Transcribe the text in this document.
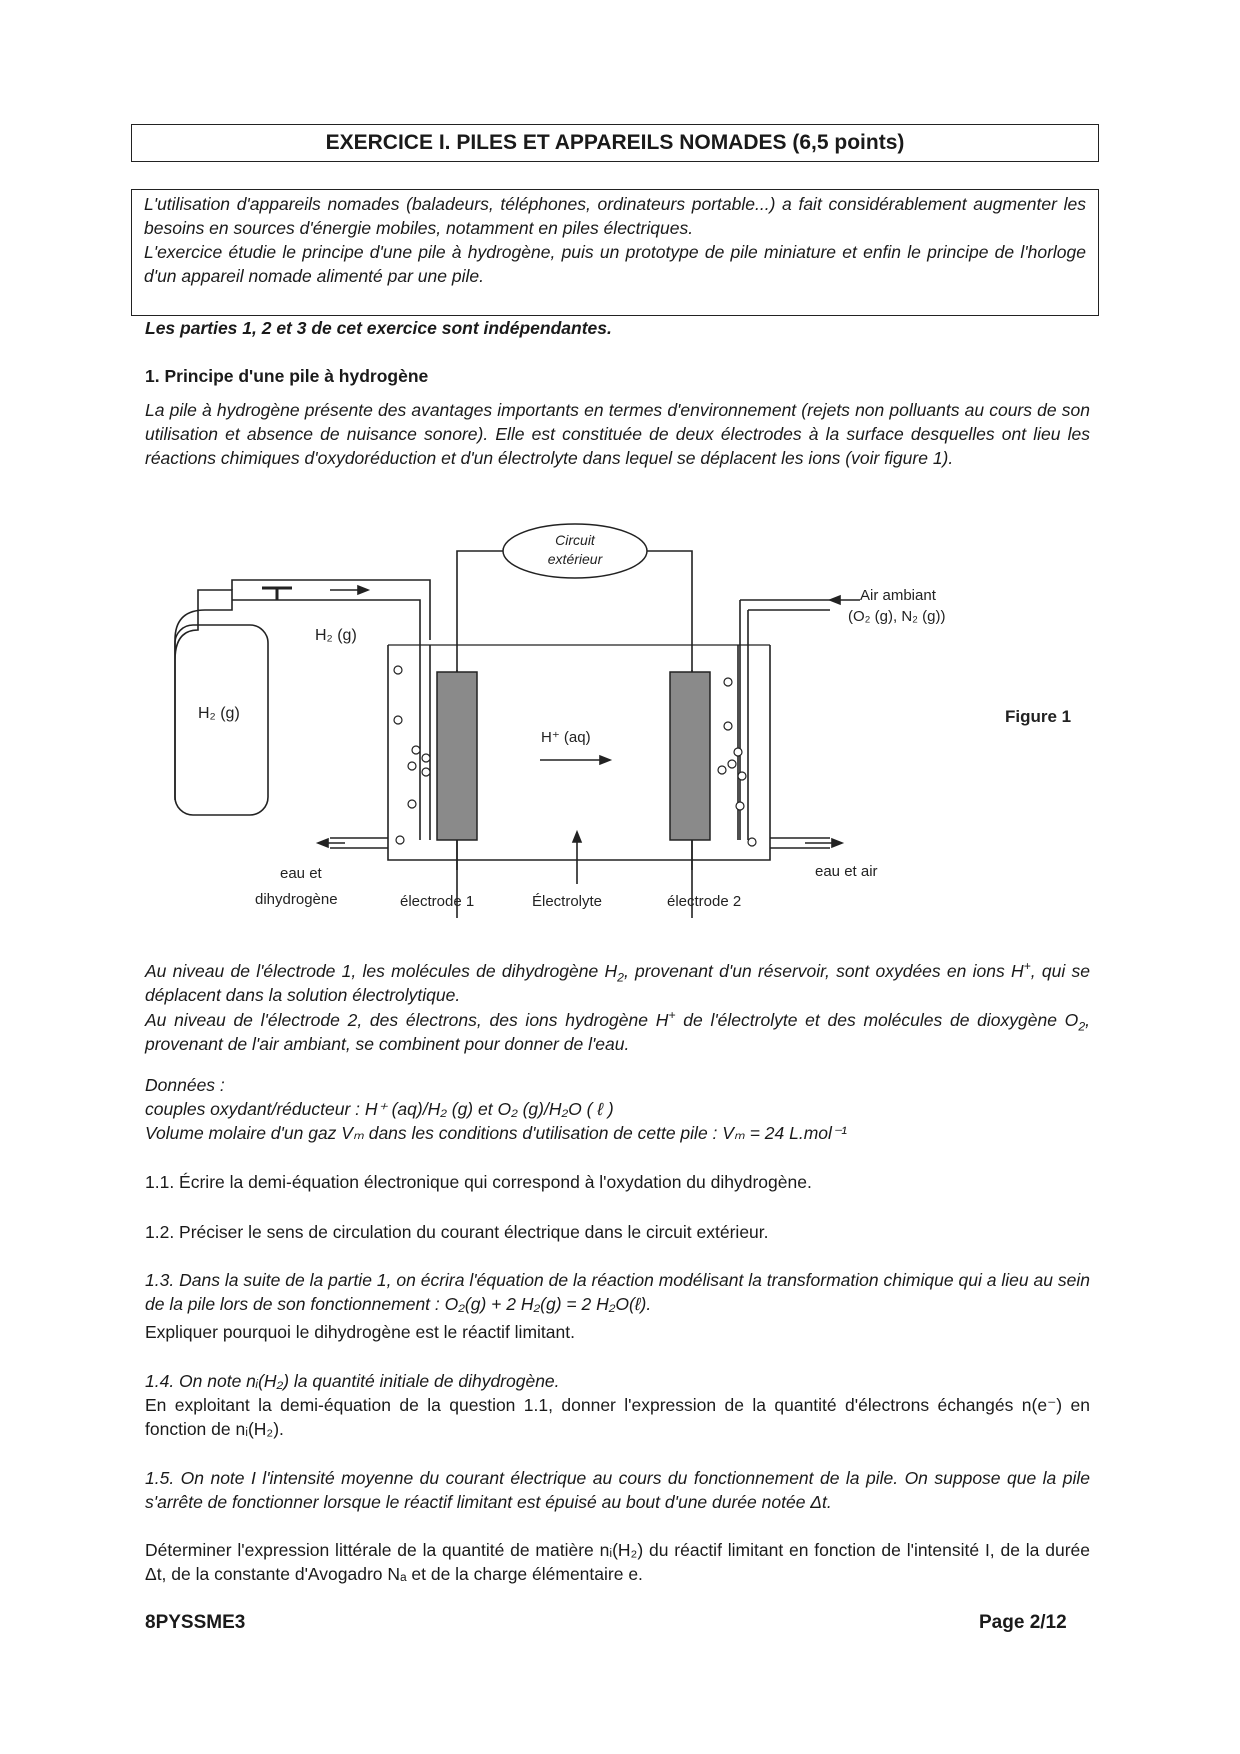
EXERCICE I. PILES ET APPAREILS NOMADES (6,5 points)

L'utilisation d'appareils nomades (baladeurs, téléphones, ordinateurs portable...) a fait considérablement augmenter les besoins en sources d'énergie mobiles, notamment en piles électriques.

L'exercice étudie le principe d'une pile à hydrogène, puis un prototype de pile miniature et enfin le principe de l'horloge d'un appareil nomade alimenté par une pile.

Les parties 1, 2 et 3 de cet exercice sont indépendantes.
1. Principe d'une pile à hydrogène

La pile à hydrogène présente des avantages importants en termes d'environnement (rejets non polluants au cours de son utilisation et absence de nuisance sonore). Elle est constituée de deux électrodes à la surface desquelles ont lieu les réactions chimiques d'oxydoréduction et d'un électrolyte dans lequel se déplacent les ions (voir figure 1).

Circuit
extérieur
H₂ (g)
H₂ (g)
Air ambiant
(O₂ (g), N₂ (g))
H⁺ (aq)
Figure 1
eau et
dihydrogène
eau et air
électrode 1	Électrolyte	électrode 2

Au niveau de l'électrode 1, les molécules de dihydrogène $H_2$, provenant d'un réservoir, sont oxydées en ions H+, qui se déplacent dans la solution électrolytique.

Au niveau de l'électrode 2, des électrons, des ions hydrogène H+ de l'électrolyte et des molécules de dioxygène $O_2$, provenant de l'air ambiant, se combinent pour donner de l'eau.

Données :
couples oxydant/réducteur : H⁺ (aq)/H₂ (g) et O₂ (g)/H₂O ( ℓ )
Volume molaire d'un gaz Vₘ dans les conditions d'utilisation de cette pile : Vₘ = 24 L.mol⁻¹

1.1. Écrire la demi-équation électronique qui correspond à l'oxydation du dihydrogène.

1.2. Préciser le sens de circulation du courant électrique dans le circuit extérieur.

1.3. Dans la suite de la partie 1, on écrira l'équation de la réaction modélisant la transformation chimique qui a lieu au sein de la pile lors de son fonctionnement : O₂(g) + 2 H₂(g) = 2 H₂O(ℓ).

Expliquer pourquoi le dihydrogène est le réactif limitant.

1.4. On note nᵢ(H₂) la quantité initiale de dihydrogène.

En exploitant la demi-équation de la question 1.1, donner l'expression de la quantité d'électrons échangés n(e⁻) en fonction de nᵢ(H₂).

1.5. On note I l'intensité moyenne du courant électrique au cours du fonctionnement de la pile. On suppose que la pile s'arrête de fonctionner lorsque le réactif limitant est épuisé au bout d'une durée notée Δt.

Déterminer l'expression littérale de la quantité de matière nᵢ(H₂) du réactif limitant en fonction de l'intensité I, de la durée Δt, de la constante d'Avogadro Nₐ et de la charge élémentaire e.

8PYSSME3	Page 2/12
